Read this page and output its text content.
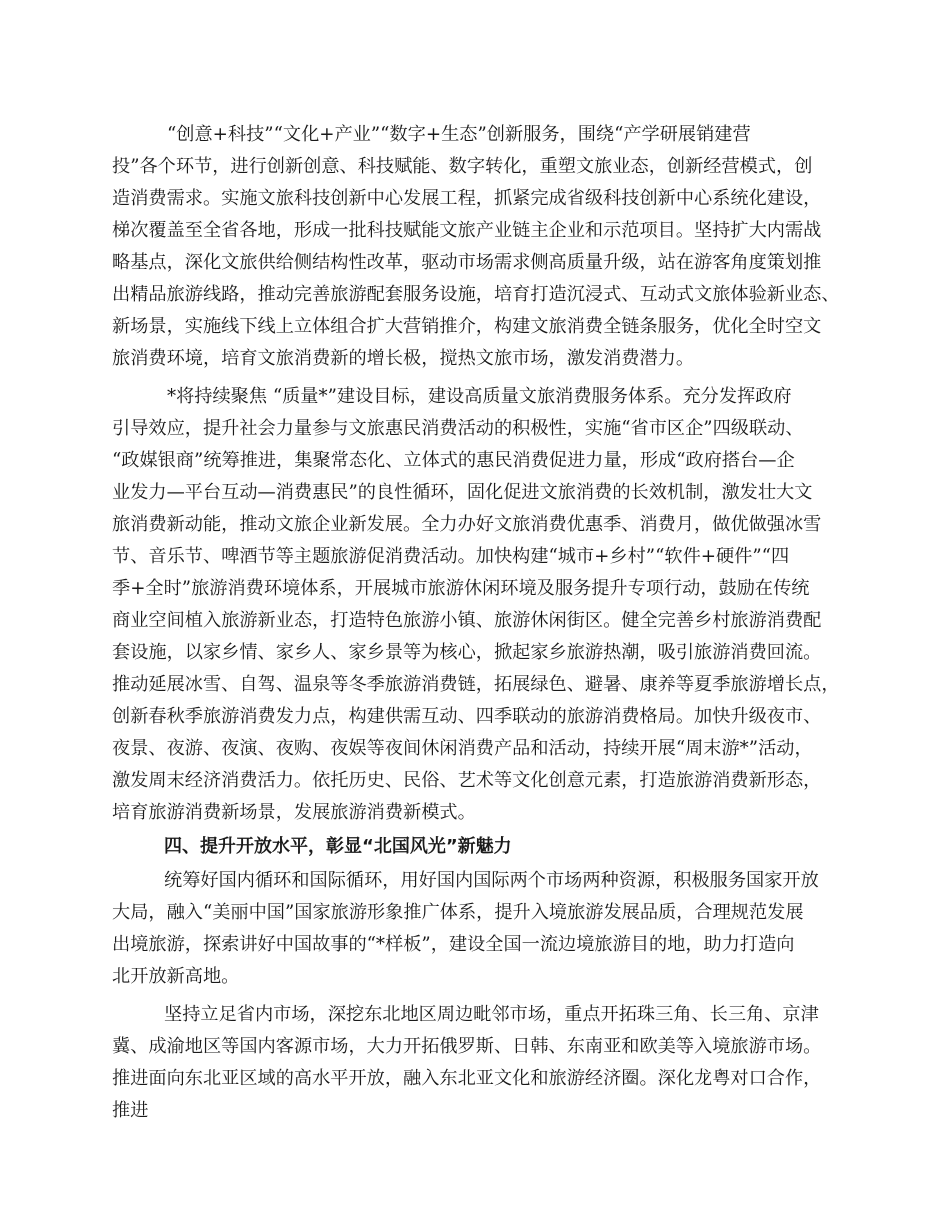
“创意+科技”“文化+产业”“数字+生态”创新服务，围绕“产学研展销建营

投”各个环节，进行创新创意、科技赋能、数字转化，重塑文旅业态，创新经营模式，创

造消费需求。实施文旅科技创新中心发展工程，抓紧完成省级科技创新中心系统化建设，

梯次覆盖至全省各地，形成一批科技赋能文旅产业链主企业和示范项目。坚持扩大内需战

略基点，深化文旅供给侧结构性改革，驱动市场需求侧高质量升级，站在游客角度策划推

出精品旅游线路，推动完善旅游配套服务设施，培育打造沉浸式、互动式文旅体验新业态、

新场景，实施线下线上立体组合扩大营销推介，构建文旅消费全链条服务，优化全时空文

旅消费环境，培育文旅消费新的增长极，搅热文旅市场，激发消费潜力。

*将持续聚焦 “质量*”建设目标，建设高质量文旅消费服务体系。充分发挥政府

引导效应，提升社会力量参与文旅惠民消费活动的积极性，实施“省市区企”四级联动、

“政媒银商”统筹推进，集聚常态化、立体式的惠民消费促进力量，形成“政府搭台—企

业发力—平台互动—消费惠民”的良性循环，固化促进文旅消费的长效机制，激发壮大文

旅消费新动能，推动文旅企业新发展。全力办好文旅消费优惠季、消费月，做优做强冰雪

节、音乐节、啤酒节等主题旅游促消费活动。加快构建“城市+乡村”“软件+硬件”“四

季+全时”旅游消费环境体系，开展城市旅游休闲环境及服务提升专项行动，鼓励在传统

商业空间植入旅游新业态，打造特色旅游小镇、旅游休闲街区。健全完善乡村旅游消费配

套设施，以家乡情、家乡人、家乡景等为核心，掀起家乡旅游热潮，吸引旅游消费回流。

推动延展冰雪、自驾、温泉等冬季旅游消费链，拓展绿色、避暑、康养等夏季旅游增长点，

创新春秋季旅游消费发力点，构建供需互动、四季联动的旅游消费格局。加快升级夜市、

夜景、夜游、夜演、夜购、夜娱等夜间休闲消费产品和活动，持续开展“周末游*”活动，

激发周末经济消费活力。依托历史、民俗、艺术等文化创意元素，打造旅游消费新形态，

培育旅游消费新场景，发展旅游消费新模式。

四、提升开放水平，彰显“北国风光”新魅力

统筹好国内循环和国际循环，用好国内国际两个市场两种资源，积极服务国家开放

大局，融入“美丽中国”国家旅游形象推广体系，提升入境旅游发展品质，合理规范发展

出境旅游，探索讲好中国故事的“*样板”，建设全国一流边境旅游目的地，助力打造向

北开放新高地。

坚持立足省内市场，深挖东北地区周边毗邻市场，重点开拓珠三角、长三角、京津

冀、成渝地区等国内客源市场，大力开拓俄罗斯、日韩、东南亚和欧美等入境旅游市场。

推进面向东北亚区域的高水平开放，融入东北亚文化和旅游经济圈。深化龙粤对口合作，

推进
